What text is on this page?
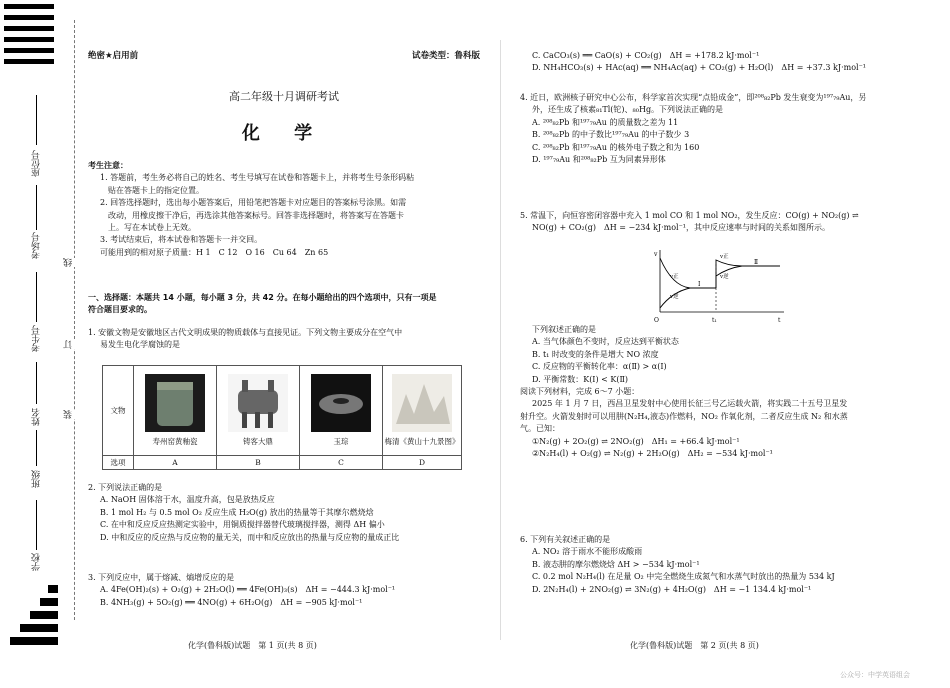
座位号
考场号
考生号
姓名
班级
学校
线
订
装
绝密★启用前	试卷类型：鲁科版
高二年级十月调研考试
化 学

考生注意：

1. 答题前，考生务必将自己的姓名、考生号填写在试卷和答题卡上，并将考生号条形码粘

贴在答题卡上的指定位置。

2. 回答选择题时，选出每小题答案后，用铅笔把答题卡对应题目的答案标号涂黑。如需

改动，用橡皮擦干净后，再选涂其他答案标号。回答非选择题时，将答案写在答题卡

上。写在本试卷上无效。

3. 考试结束后，将本试卷和答题卡一并交回。

可能用到的相对原子质量：H 1　C 12　O 16　Cu 64　Zn 65

一、选择题：本题共 14 小题，每小题 3 分，共 42 分。在每小题给出的四个选项中，只有一项是

符合题目要求的。

1. 安徽文物是安徽地区古代文明成果的物质载体与直接见证。下列文物主要成分在空气中

易发生电化学腐蚀的是

文物	寿州窑黄釉瓷	铸客大鼎	玉琮	梅清《黄山十九景图》

选项	A	B	C	D

2. 下列说法正确的是

A. NaOH 固体溶于水，温度升高，包是放热反应

B. 1 mol H₂ 与 0.5 mol O₂ 反应生成 H₂O(g) 放出的热量等于其摩尔燃烧焓

C. 在中和反应反应热测定实验中，用铜质搅拌器替代玻璃搅拌器，测得 ΔH 偏小

D. 中和反应的反应热与反应物的量无关，而中和反应放出的热量与反应物的量成正比

3. 下列反应中，属于熔减、熵增反应的是

A. 4Fe(OH)₂(s) + O₂(g) + 2H₂O(l) ══ 4Fe(OH)₃(s)　ΔH = −444.3 kJ·mol⁻¹

B. 4NH₃(g) + 5O₂(g) ══ 4NO(g) + 6H₂O(g)　ΔH = −905 kJ·mol⁻¹

化学(鲁科版)试题　第 1 页(共 8 页)

C. CaCO₃(s) ══ CaO(s) + CO₂(g)　ΔH = +178.2 kJ·mol⁻¹

D. NH₄HCO₃(s) + HAc(aq) ══ NH₄Ac(aq) + CO₂(g) + H₂O(l)　ΔH = +37.3 kJ·mol⁻¹

4. 近日，欧洲核子研究中心公布，科学家首次实现“点铅成金”，即²⁰⁸₈₂Pb 发生衰变为¹⁹⁷₇₉Au，另

外，还生成了核素₈₁Tl(铊)、₈₀Hg。下列说法正确的是

A. ²⁰⁸₈₂Pb 和¹⁹⁷₇₉Au 的质量数之差为 11

B. ²⁰⁸₈₂Pb 的中子数比¹⁹⁷₇₉Au 的中子数少 3

C. ²⁰⁸₈₂Pb 和¹⁹⁷₇₉Au 的核外电子数之和为 160

D. ¹⁹⁷₇₉Au 和²⁰⁸₈₂Pb 互为同素异形体

5. 常温下，向恒容密闭容器中充入 1 mol CO 和 1 mol NO₂，发生反应：CO(g) + NO₂(g) ⇌

NO(g) + CO₂(g)　ΔH = −234 kJ·mol⁻¹，其中反应速率与时间的关系如图所示。

v
t
O	t₁
v正
v逆
v正
v逆
Ⅰ
Ⅱ

下列叙述正确的是

A. 当气体颜色不变时，反应达到平衡状态

B. t₁ 时改变的条件是增大 NO 浓度

C. 反应物的平衡转化率：α(Ⅱ) > α(Ⅰ)

D. 平衡常数：K(Ⅰ) < K(Ⅱ)

阅读下列材料，完成 6～7 小题：

2025 年 1 月 7 日，西昌卫星发射中心使用长征三号乙运载火箭，将实践二十五号卫星发

射升空。火箭发射时可以用肼(N₂H₄,液态)作燃料，NO₂ 作氧化剂，二者反应生成 N₂ 和水蒸

气。已知：

①N₂(g) + 2O₂(g) ⇌ 2NO₂(g)　ΔH₁ = +66.4 kJ·mol⁻¹

②N₂H₄(l) + O₂(g) ⇌ N₂(g) + 2H₂O(g)　ΔH₂ = −534 kJ·mol⁻¹

6. 下列有关叙述正确的是

A. NO₂ 溶于雨水不能形成酸雨

B. 液态肼的摩尔燃烧焓 ΔH > −534 kJ·mol⁻¹

C. 0.2 mol N₂H₄(l) 在足量 O₂ 中完全燃烧生成氮气和水蒸气时放出的热量为 534 kJ

D. 2N₂H₄(l) + 2NO₂(g) ⇌ 3N₂(g) + 4H₂O(g)　ΔH = −1 134.4 kJ·mol⁻¹

化学(鲁科版)试题　第 2 页(共 8 页)
公众号：中学英语组会
